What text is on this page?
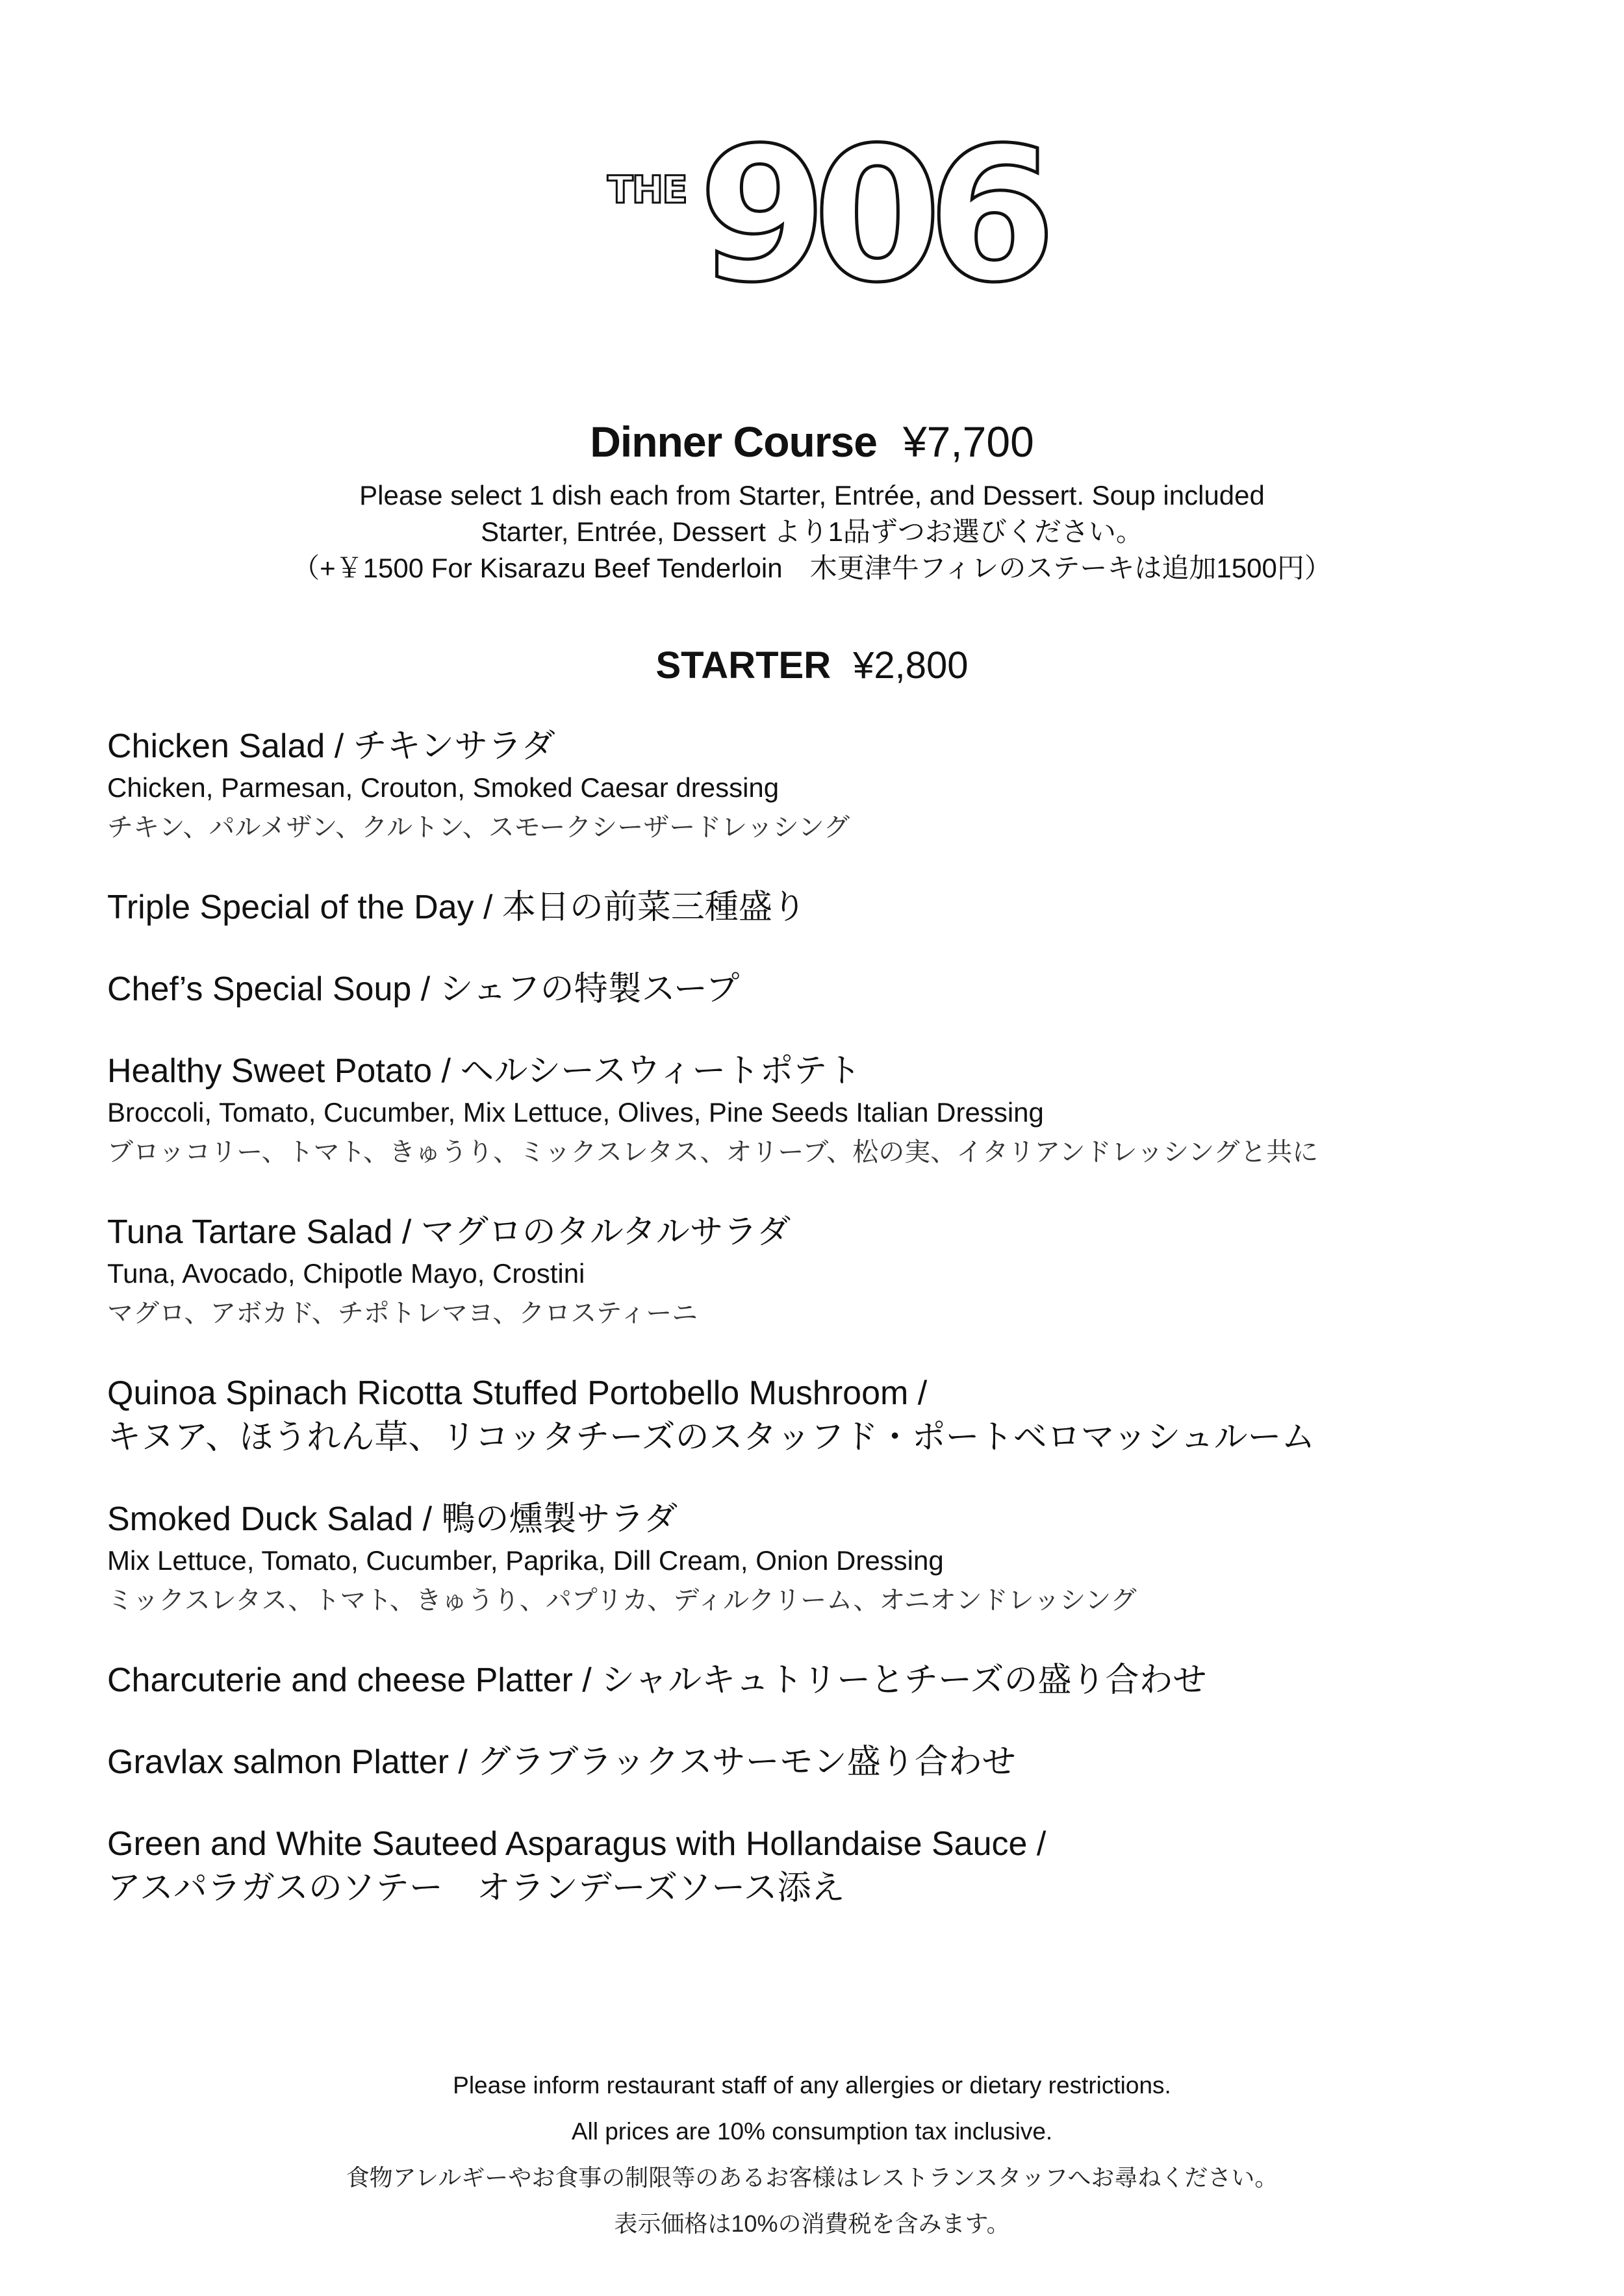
THE 906
Dinner Course ¥7,700
Please select 1 dish each from Starter, Entrée, and Dessert. Soup included
Starter, Entrée, Dessert より1品ずつお選びください。
（+￥1500 For Kisarazu Beef Tenderloin　木更津牛フィレのステーキは追加1500円）
STARTER ¥2,800
Chicken Salad / チキンサラダ
Chicken, Parmesan, Crouton, Smoked Caesar dressing
チキン、パルメザン、クルトン、スモークシーザードレッシング
Triple Special of the Day / 本日の前菜三種盛り
Chef’s Special Soup / シェフの特製スープ
Healthy Sweet Potato / ヘルシースウィートポテト
Broccoli, Tomato, Cucumber, Mix Lettuce, Olives, Pine Seeds Italian Dressing
ブロッコリー、トマト、きゅうり、ミックスレタス、オリーブ、松の実、イタリアンドレッシングと共に
Tuna Tartare Salad / マグロのタルタルサラダ
Tuna, Avocado, Chipotle Mayo, Crostini
マグロ、アボカド、チポトレマヨ、クロスティーニ
Quinoa Spinach Ricotta Stuffed Portobello Mushroom /
キヌア、ほうれん草、リコッタチーズのスタッフド・ポートベロマッシュルーム
Smoked Duck Salad / 鴨の燻製サラダ
Mix Lettuce, Tomato, Cucumber, Paprika, Dill Cream, Onion Dressing
ミックスレタス、トマト、きゅうり、パプリカ、ディルクリーム、オニオンドレッシング
Charcuterie and cheese Platter / シャルキュトリーとチーズの盛り合わせ
Gravlax salmon Platter / グラブラックスサーモン盛り合わせ
Green and White Sauteed Asparagus with Hollandaise Sauce /
アスパラガスのソテー　オランデーズソース添え
Please inform restaurant staff of any allergies or dietary restrictions.
All prices are 10% consumption tax inclusive.
食物アレルギーやお食事の制限等のあるお客様はレストランスタッフへお尋ねください。
表示価格は10%の消費税を含みます。
